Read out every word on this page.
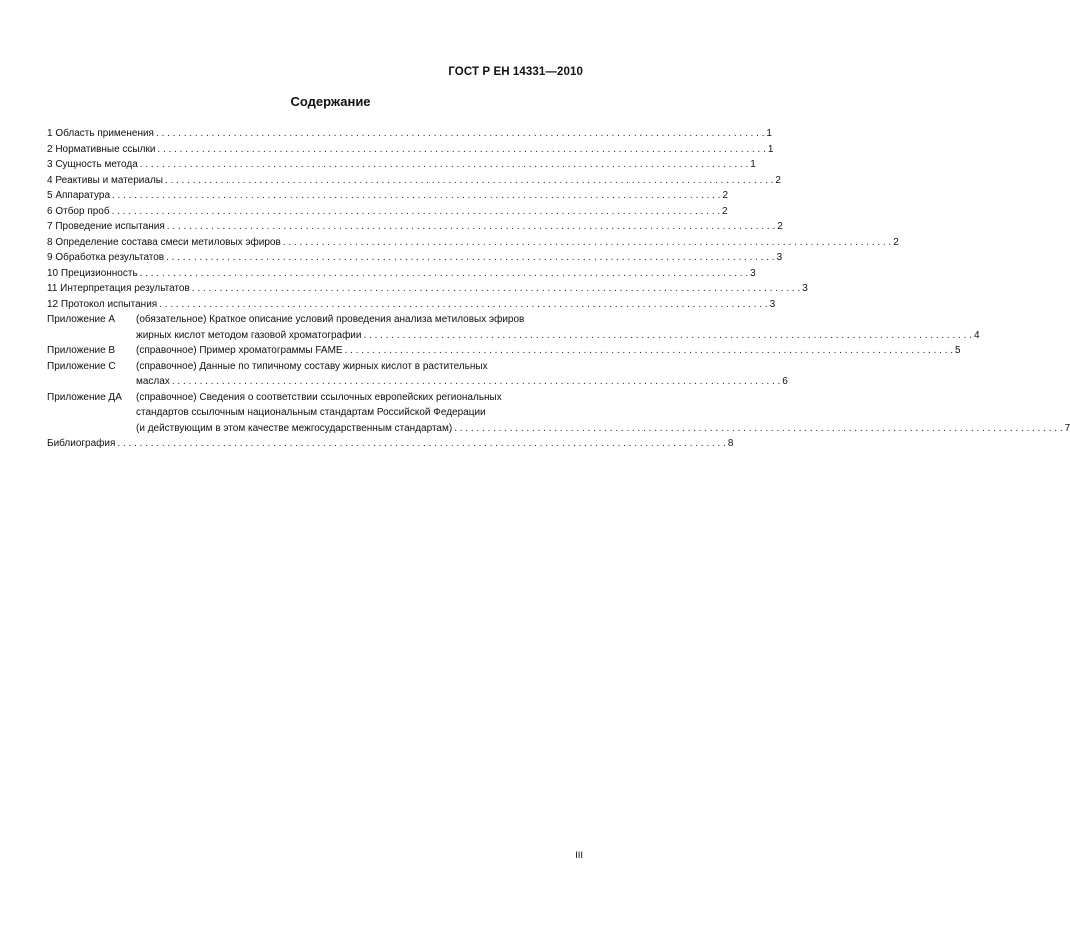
ГОСТ Р ЕН 14331—2010
Содержание
1 Область применения . . .	1
2 Нормативные ссылки . . .	1
3 Сущность метода . . .	1
4 Реактивы и материалы . . .	2
5 Аппаратура . . .	2
6 Отбор проб . . .	2
7 Проведение испытания . . .	2
8 Определение состава смеси метиловых эфиров . . .	2
9 Обработка результатов . . .	3
10 Прецизионность . . .	3
11 Интерпретация результатов . . .	3
12 Протокол испытания . . .	3
Приложение А	(обязательное) Краткое описание условий проведения анализа метиловых эфиров
жирных кислот методом газовой хроматографии . . .	4
Приложение В	(справочное) Пример хроматограммы FAME . . .	5
Приложение С	(справочное) Данные по типичному составу жирных кислот в растительных
маслах . . .	6
Приложение ДА	(справочное) Сведения о соответствии ссылочных европейских региональных
стандартов ссылочным национальным стандартам Российской Федерации
(и действующим в этом качестве межгосударственным стандартам) . . .	7
Библиография . . .	8
III
